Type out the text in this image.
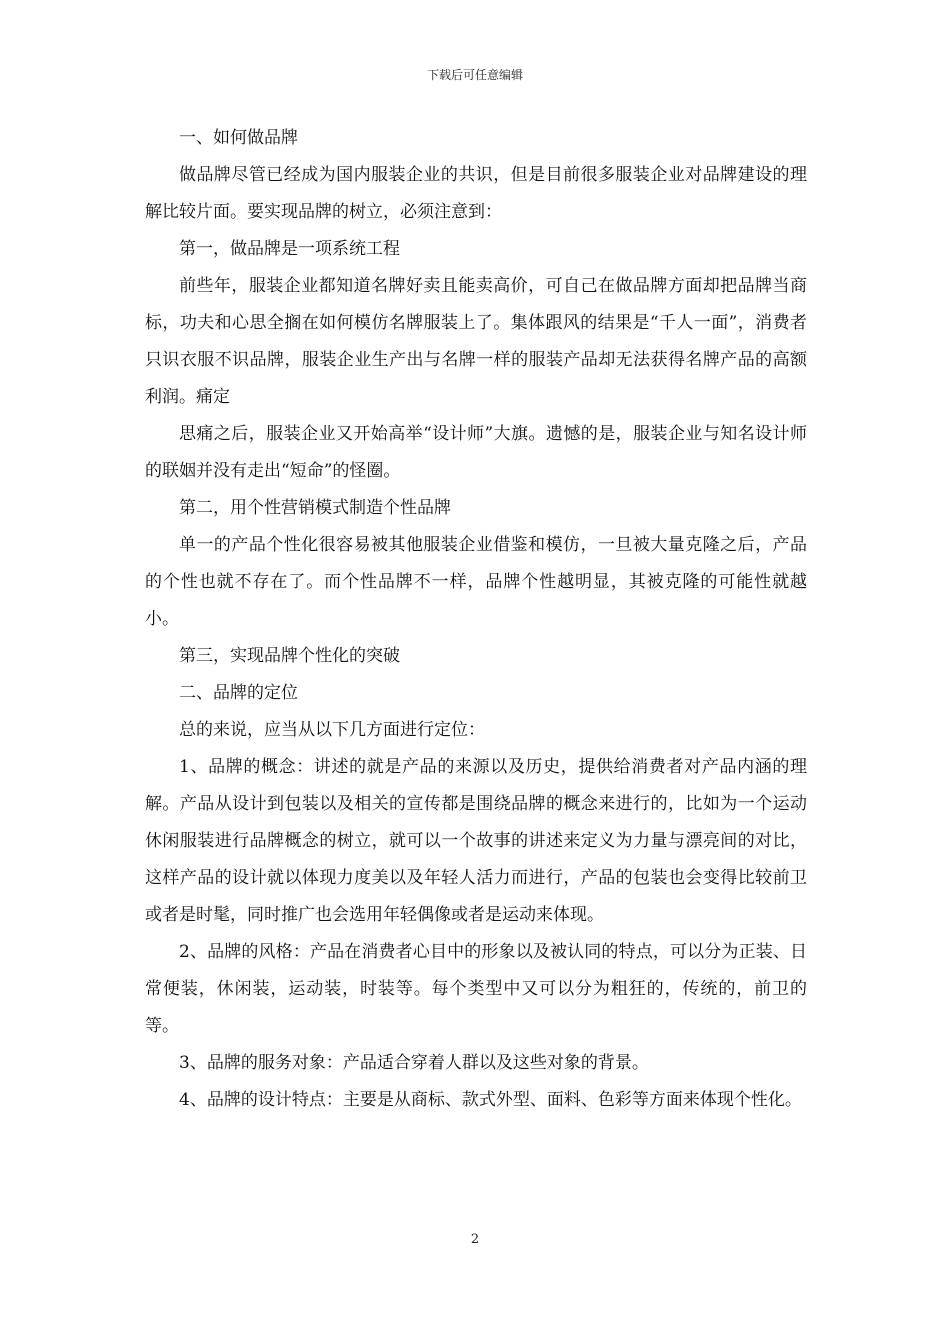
下载后可任意编辑

一、如何做品牌

做品牌尽管已经成为国内服装企业的共识，但是目前很多服装企业对品牌建设的理解比较片面。要实现品牌的树立，必须注意到：

第一，做品牌是一项系统工程

前些年，服装企业都知道名牌好卖且能卖高价，可自己在做品牌方面却把品牌当商标，功夫和心思全搁在如何模仿名牌服装上了。集体跟风的结果是“千人一面”，消费者只识衣服不识品牌，服装企业生产出与名牌一样的服装产品却无法获得名牌产品的高额利润。痛定

思痛之后，服装企业又开始高举“设计师”大旗。遗憾的是，服装企业与知名设计师的联姻并没有走出“短命”的怪圈。

第二，用个性营销模式制造个性品牌

单一的产品个性化很容易被其他服装企业借鉴和模仿，一旦被大量克隆之后，产品的个性也就不存在了。而个性品牌不一样，品牌个性越明显，其被克隆的可能性就越小。

第三，实现品牌个性化的突破

二、品牌的定位

总的来说，应当从以下几方面进行定位：

1、品牌的概念：讲述的就是产品的来源以及历史，提供给消费者对产品内涵的理解。产品从设计到包装以及相关的宣传都是围绕品牌的概念来进行的，比如为一个运动休闲服装进行品牌概念的树立，就可以一个故事的讲述来定义为力量与漂亮间的对比，这样产品的设计就以体现力度美以及年轻人活力而进行，产品的包装也会变得比较前卫或者是时髦，同时推广也会选用年轻偶像或者是运动来体现。

2、品牌的风格：产品在消费者心目中的形象以及被认同的特点，可以分为正装、日常便装，休闲装，运动装，时装等。每个类型中又可以分为粗狂的，传统的，前卫的等。

3、品牌的服务对象：产品适合穿着人群以及这些对象的背景。

4、品牌的设计特点：主要是从商标、款式外型、面料、色彩等方面来体现个性化。

2
